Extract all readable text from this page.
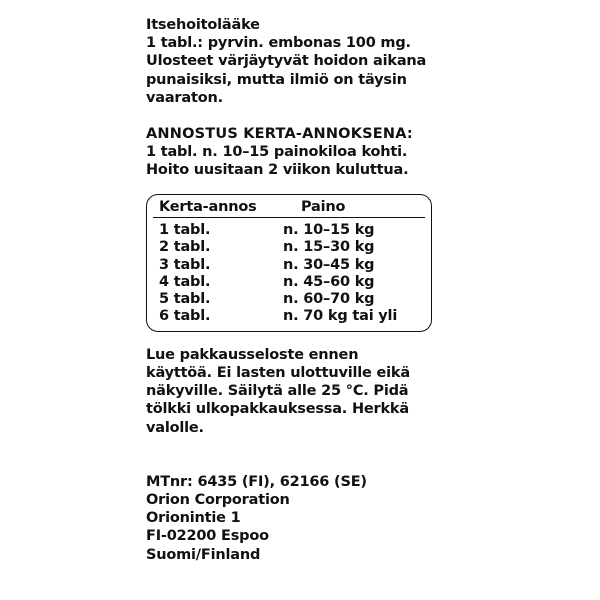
Itsehoitolääke
1 tabl.: pyrvin. embonas 100 mg.
Ulosteet värjäytyvät hoidon aikana
punaisiksi, mutta ilmiö on täysin
vaaraton.
ANNOSTUS KERTA-ANNOKSENA:
1 tabl. n. 10–15 painokiloa kohti.
Hoito uusitaan 2 viikon kuluttua.
Kerta-annos	Paino
1 tabl.	n. 10–15 kg
2 tabl.	n. 15–30 kg
3 tabl.	n. 30–45 kg
4 tabl.	n. 45–60 kg
5 tabl.	n. 60–70 kg
6 tabl.	n. 70 kg tai yli
Lue pakkausseloste ennen
käyttöä. Ei lasten ulottuville eikä
näkyville. Säilytä alle 25 °C. Pidä
tölkki ulkopakkauksessa. Herkkä
valolle.
MTnr: 6435 (FI), 62166 (SE)
Orion Corporation
Orionintie 1
FI-02200 Espoo
Suomi/Finland
